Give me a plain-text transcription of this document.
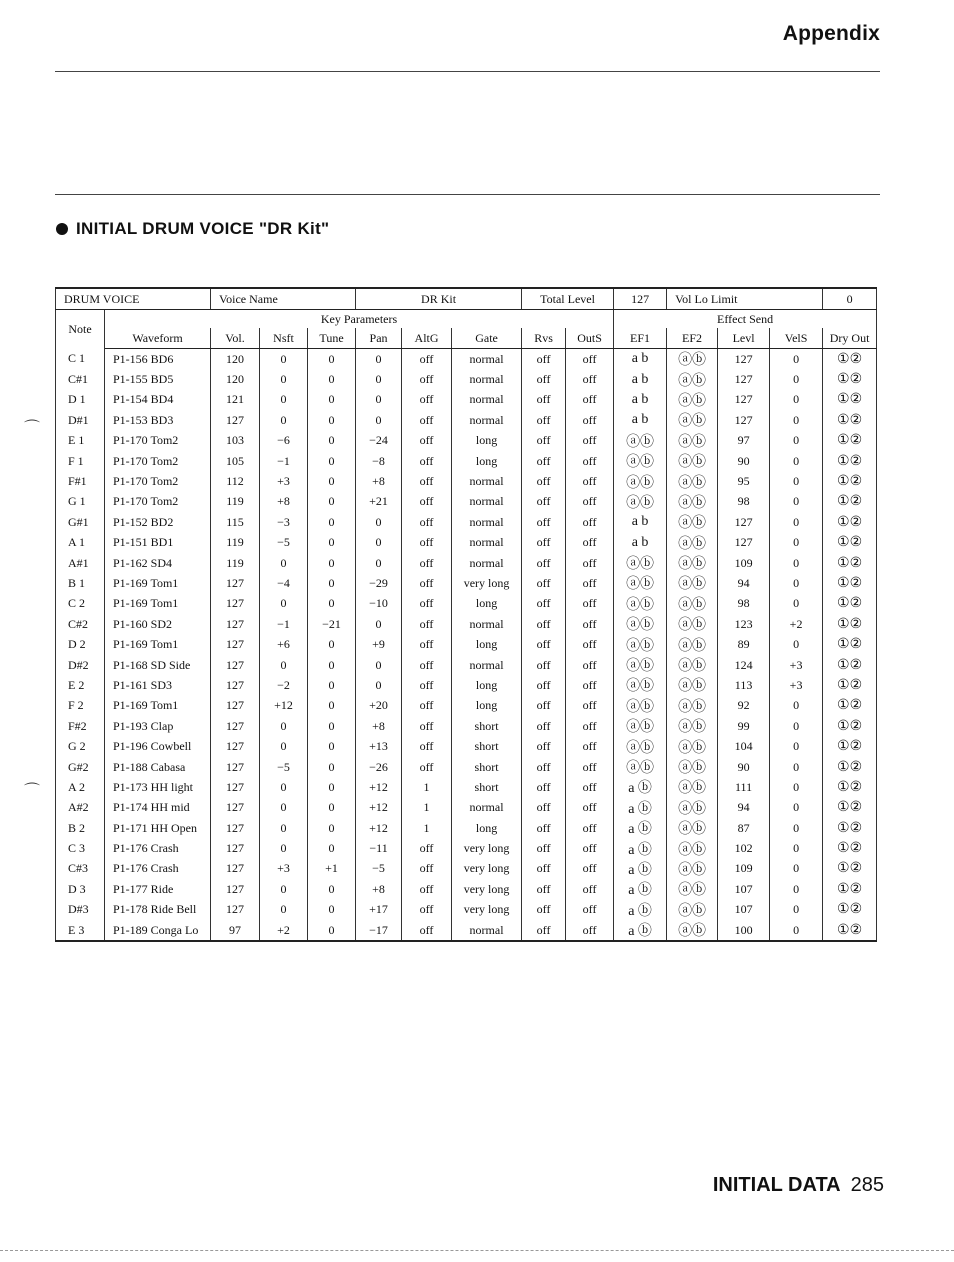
Appendix
INITIAL DRUM VOICE "DR Kit"
⌒
⌒
DRUM VOICE		Voice Name			DR Kit			Total Level		127	Vol Lo Limit			0
Note	Key Parameters									Effect Send				
	Waveform	Vol.	Nsft	Tune	Pan	AltG	Gate	Rvs	OutS	EF1	EF2	Levl	VelS	Dry Out
C 1	P1-156 BD6	120	0	0	0	off	normal	off	off	a b	ⓐⓑ	127	0	①②
C#1	P1-155 BD5	120	0	0	0	off	normal	off	off	a b	ⓐⓑ	127	0	①②
D 1	P1-154 BD4	121	0	0	0	off	normal	off	off	a b	ⓐⓑ	127	0	①②
D#1	P1-153 BD3	127	0	0	0	off	normal	off	off	a b	ⓐⓑ	127	0	①②
E 1	P1-170 Tom2	103	−6	0	−24	off	long	off	off	ⓐⓑ	ⓐⓑ	97	0	①②
F 1	P1-170 Tom2	105	−1	0	−8	off	long	off	off	ⓐⓑ	ⓐⓑ	90	0	①②
F#1	P1-170 Tom2	112	+3	0	+8	off	normal	off	off	ⓐⓑ	ⓐⓑ	95	0	①②
G 1	P1-170 Tom2	119	+8	0	+21	off	normal	off	off	ⓐⓑ	ⓐⓑ	98	0	①②
G#1	P1-152 BD2	115	−3	0	0	off	normal	off	off	a b	ⓐⓑ	127	0	①②
A 1	P1-151 BD1	119	−5	0	0	off	normal	off	off	a b	ⓐⓑ	127	0	①②
A#1	P1-162 SD4	119	0	0	0	off	normal	off	off	ⓐⓑ	ⓐⓑ	109	0	①②
B 1	P1-169 Tom1	127	−4	0	−29	off	very long	off	off	ⓐⓑ	ⓐⓑ	94	0	①②
C 2	P1-169 Tom1	127	0	0	−10	off	long	off	off	ⓐⓑ	ⓐⓑ	98	0	①②
C#2	P1-160 SD2	127	−1	−21	0	off	normal	off	off	ⓐⓑ	ⓐⓑ	123	+2	①②
D 2	P1-169 Tom1	127	+6	0	+9	off	long	off	off	ⓐⓑ	ⓐⓑ	89	0	①②
D#2	P1-168 SD Side	127	0	0	0	off	normal	off	off	ⓐⓑ	ⓐⓑ	124	+3	①②
E 2	P1-161 SD3	127	−2	0	0	off	long	off	off	ⓐⓑ	ⓐⓑ	113	+3	①②
F 2	P1-169 Tom1	127	+12	0	+20	off	long	off	off	ⓐⓑ	ⓐⓑ	92	0	①②
F#2	P1-193 Clap	127	0	0	+8	off	short	off	off	ⓐⓑ	ⓐⓑ	99	0	①②
G 2	P1-196 Cowbell	127	0	0	+13	off	short	off	off	ⓐⓑ	ⓐⓑ	104	0	①②
G#2	P1-188 Cabasa	127	−5	0	−26	off	short	off	off	ⓐⓑ	ⓐⓑ	90	0	①②
A 2	P1-173 HH light	127	0	0	+12	1	short	off	off	a ⓑ	ⓐⓑ	111	0	①②
A#2	P1-174 HH mid	127	0	0	+12	1	normal	off	off	a ⓑ	ⓐⓑ	94	0	①②
B 2	P1-171 HH Open	127	0	0	+12	1	long	off	off	a ⓑ	ⓐⓑ	87	0	①②
C 3	P1-176 Crash	127	0	0	−11	off	very long	off	off	a ⓑ	ⓐⓑ	102	0	①②
C#3	P1-176 Crash	127	+3	+1	−5	off	very long	off	off	a ⓑ	ⓐⓑ	109	0	①②
D 3	P1-177 Ride	127	0	0	+8	off	very long	off	off	a ⓑ	ⓐⓑ	107	0	①②
D#3	P1-178 Ride Bell	127	0	0	+17	off	very long	off	off	a ⓑ	ⓐⓑ	107	0	①②
E 3	P1-189 Conga Lo	97	+2	0	−17	off	normal	off	off	a ⓑ	ⓐⓑ	100	0	①②
INITIAL DATA 285
